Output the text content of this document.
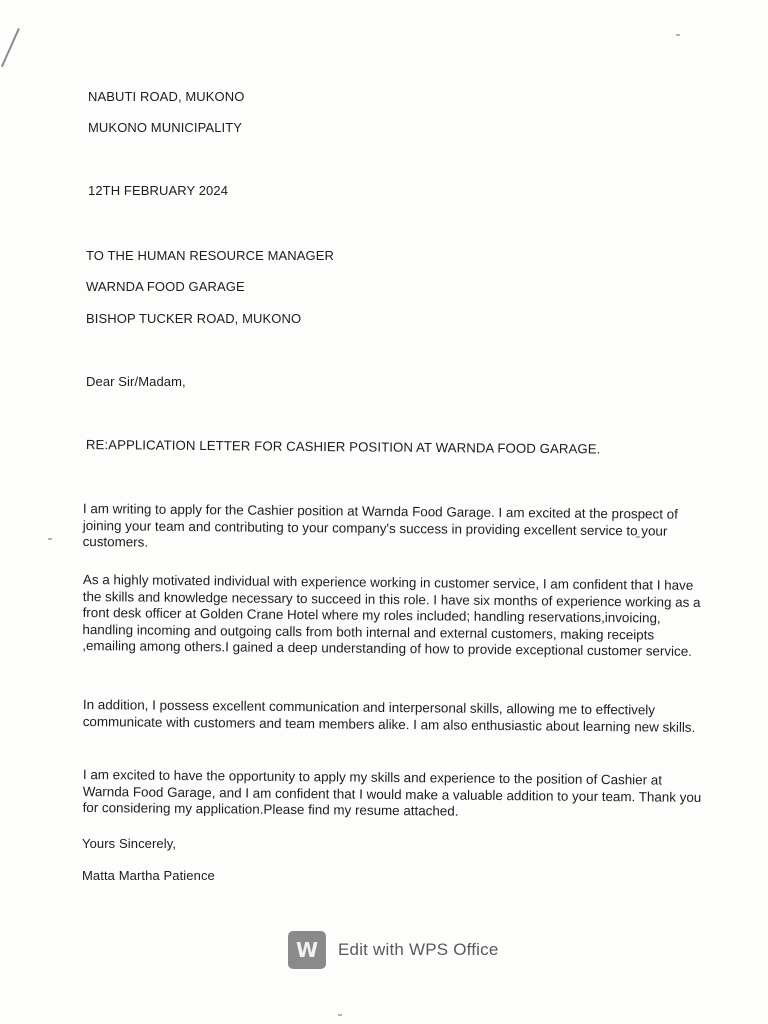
NABUTI ROAD, MUKONO
MUKONO MUNICIPALITY
12TH FEBRUARY 2024
TO THE HUMAN RESOURCE MANAGER
WARNDA FOOD GARAGE
BISHOP TUCKER ROAD, MUKONO
Dear Sir/Madam,
RE:APPLICATION LETTER FOR CASHIER POSITION AT WARNDA FOOD GARAGE.

I am writing to apply for the Cashier position at Warnda Food Garage. I am excited at the prospect of joining your team and contributing to your company's success in providing excellent service to your customers.

As a highly motivated individual with experience working in customer service, I am confident that I have the skills and knowledge necessary to succeed in this role. I have six months of experience working as a front desk officer at Golden Crane Hotel where my roles included; handling reservations,invoicing, handling incoming and outgoing calls from both internal and external customers, making receipts ,emailing among others.I gained a deep understanding of how to provide exceptional customer service.

In addition, I possess excellent communication and interpersonal skills, allowing me to effectively communicate with customers and team members alike. I am also enthusiastic about learning new skills.

I am excited to have the opportunity to apply my skills and experience to the position of Cashier at Warnda Food Garage, and I am confident that I would make a valuable addition to your team. Thank you for considering my application.Please find my resume attached.

Yours Sincerely,
Matta Martha Patience
W Edit with WPS Office
